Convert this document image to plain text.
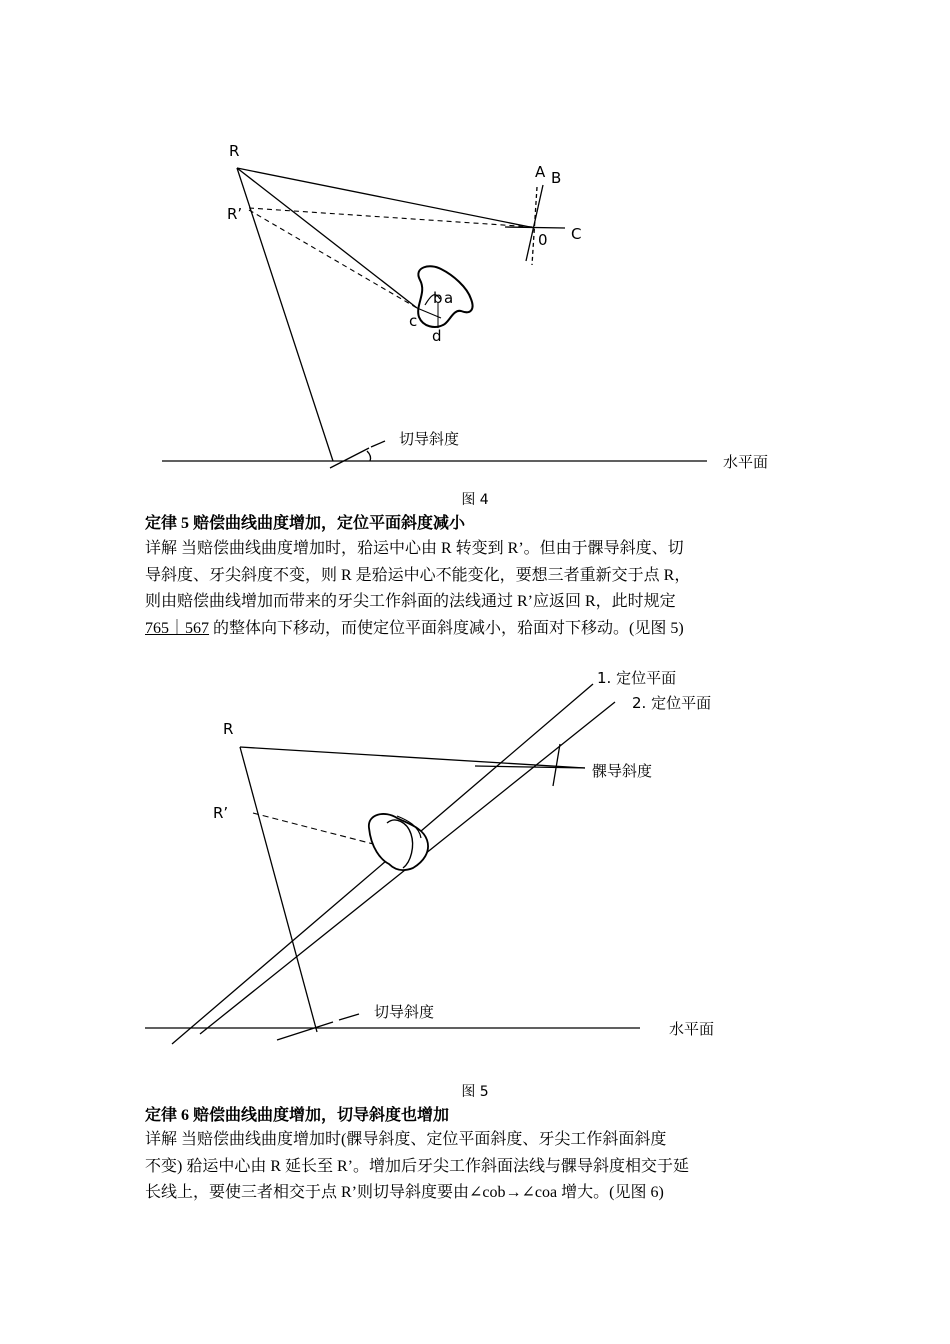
R
R’
A B
0 C
b a
c
d
切导斜度
水平面
图 4
定律 5 赔偿曲线曲度增加，定位平面斜度减小
详解 当赔偿曲线曲度增加时，𬌗运中心由 R 转变到 R’。但由于髁导斜度、切
导斜度、牙尖斜度不变，则 R 是𬌗运中心不能变化，要想三者重新交于点 R，
则由赔偿曲线增加而带来的牙尖工作斜面的法线通过 R’应返回 R，此时规定
765｜567 的整体向下移动，而使定位平面斜度减小，𬌗面对下移动。(见图 5)
1. 定位平面
2. 定位平面
R
R’
髁导斜度
切导斜度
水平面
图 5
定律 6 赔偿曲线曲度增加，切导斜度也增加
详解 当赔偿曲线曲度增加时(髁导斜度、定位平面斜度、牙尖工作斜面斜度
不变) 𬌗运中心由 R 延长至 R’。增加后牙尖工作斜面法线与髁导斜度相交于延
长线上，要使三者相交于点 R’则切导斜度要由∠cob→∠coa 增大。(见图 6)
